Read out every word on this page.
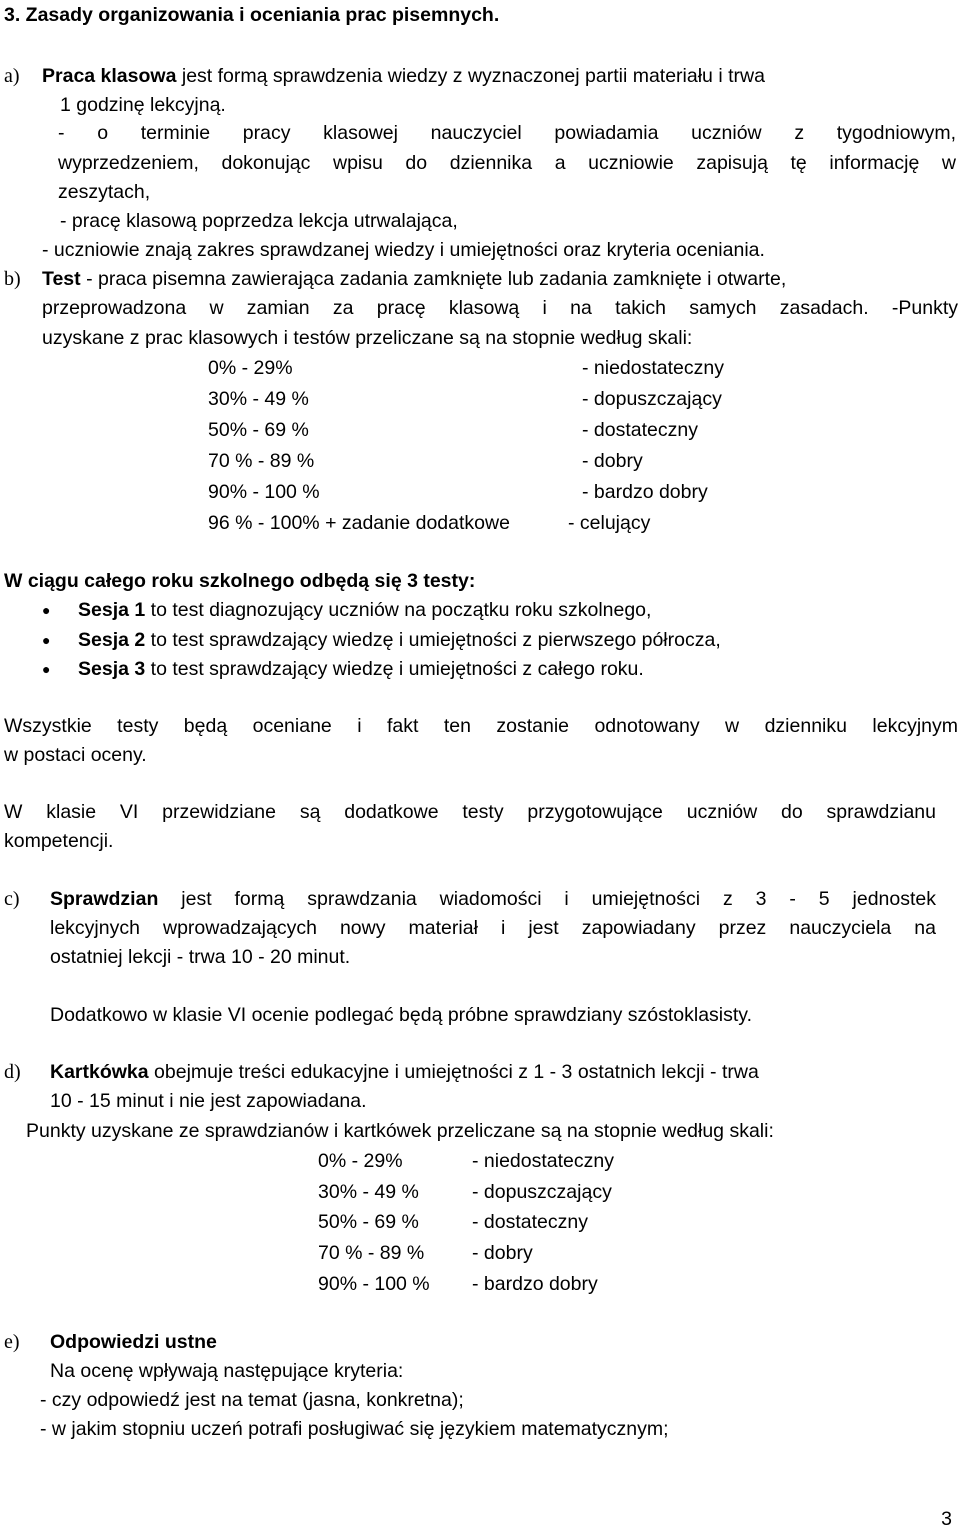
3. Zasady organizowania i oceniania prac pisemnych.
a) Praca klasowa jest formą sprawdzenia wiedzy z wyznaczonej partii materiału i trwa
1 godzinę lekcyjną.
- o terminie pracy klasowej nauczyciel powiadamia uczniów z tygodniowym,
wyprzedzeniem, dokonując wpisu do dziennika a uczniowie zapisują tę informację w
zeszytach,
- pracę klasową poprzedza lekcja utrwalająca,
- uczniowie znają zakres sprawdzanej wiedzy i umiejętności oraz kryteria oceniania.
b) Test - praca pisemna zawierająca zadania zamknięte lub zadania zamknięte i otwarte,
przeprowadzona w zamian za pracę klasową i na takich samych zasadach. -Punkty
uzyskane z prac klasowych i testów przeliczane są na stopnie według skali:
0% - 29%	- niedostateczny
30% - 49 %	- dopuszczający
50% - 69 %	- dostateczny
70 % - 89 %	- dobry
90% - 100 %	- bardzo dobry
96 % - 100% + zadanie dodatkowe	- celujący
W ciągu całego roku szkolnego odbędą się 3 testy:
● Sesja 1 to test diagnozujący uczniów na początku roku szkolnego,
● Sesja 2 to test sprawdzający wiedzę i umiejętności z pierwszego półrocza,
● Sesja 3 to test sprawdzający wiedzę i umiejętności z całego roku.
Wszystkie testy będą oceniane i fakt ten zostanie odnotowany w dzienniku lekcyjnym
w postaci oceny.
W klasie VI przewidziane są dodatkowe testy przygotowujące uczniów do sprawdzianu
kompetencji.
c) Sprawdzian jest formą sprawdzania wiadomości i umiejętności z 3 - 5 jednostek
lekcyjnych wprowadzających nowy materiał i jest zapowiadany przez nauczyciela na
ostatniej lekcji - trwa 10 - 20 minut.
Dodatkowo w klasie VI ocenie podlegać będą próbne sprawdziany szóstoklasisty.
d) Kartkówka obejmuje treści edukacyjne i umiejętności z 1 - 3 ostatnich lekcji - trwa
10 - 15 minut i nie jest zapowiadana.
Punkty uzyskane ze sprawdzianów i kartkówek przeliczane są na stopnie według skali:
0% - 29%	- niedostateczny
30% - 49 %	- dopuszczający
50% - 69 %	- dostateczny
70 % - 89 % - dobry
90% - 100 % - bardzo dobry
e) Odpowiedzi ustne
Na ocenę wpływają następujące kryteria:
- czy odpowiedź jest na temat (jasna, konkretna);
- w jakim stopniu uczeń potrafi posługiwać się językiem matematycznym;
3
